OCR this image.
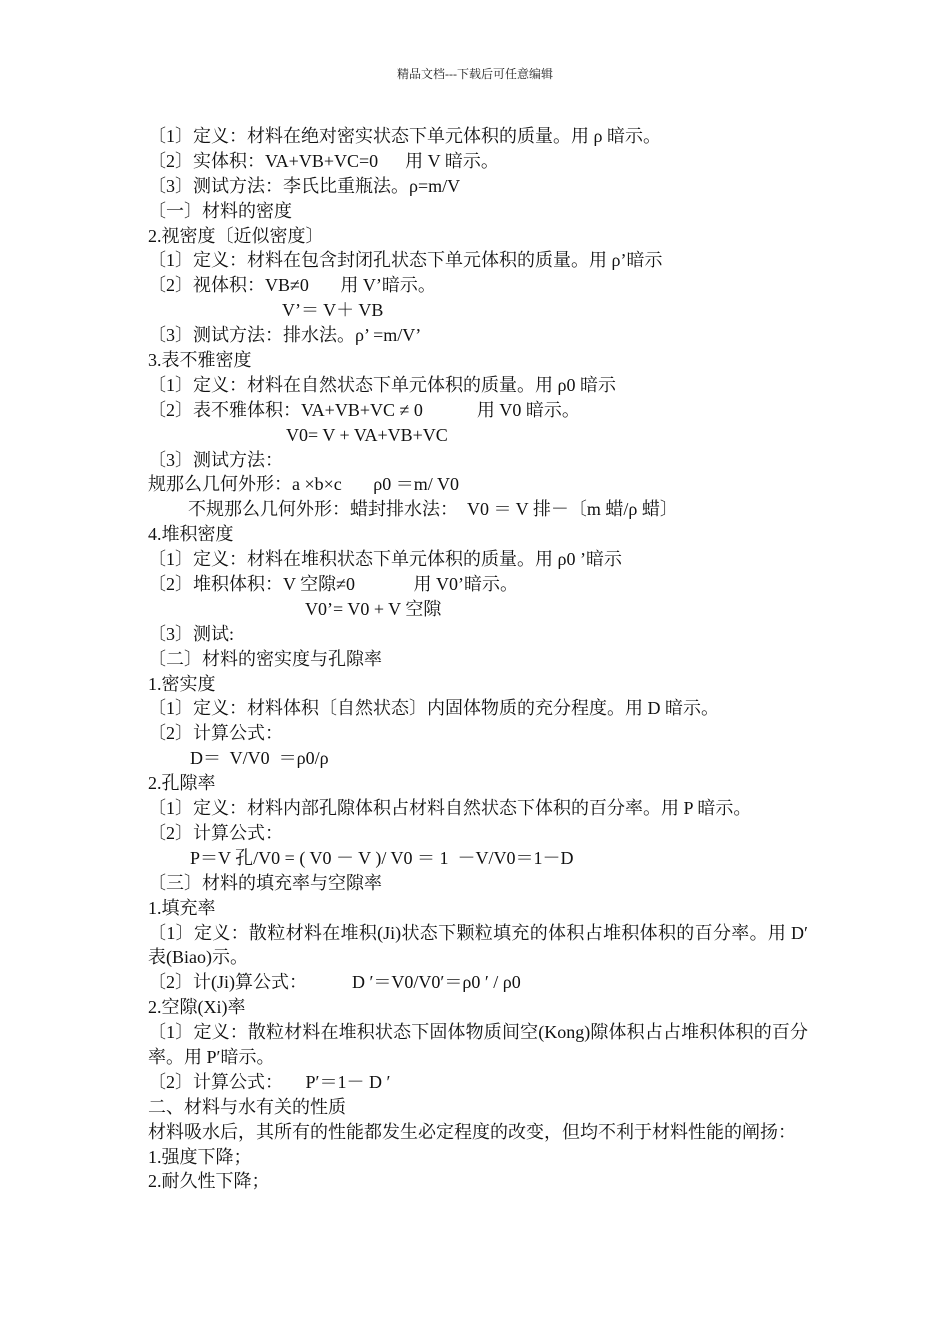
精品文档---下载后可任意编辑
〔1〕定义：材料在绝对密实状态下单元体积的质量。用 ρ 暗示。
〔2〕实体积：VA+VB+VC=0      用 V 暗示。
〔3〕测试方法：李氏比重瓶法。ρ=m/V
〔一〕材料的密度
2.视密度〔近似密度〕
〔1〕定义：材料在包含封闭孔状态下单元体积的质量。用 ρ’暗示
〔2〕视体积：VB≠0       用 V’暗示。
V’＝ V＋ VB
〔3〕测试方法：排水法。ρ’ =m/V’
3.表不雅密度
〔1〕定义：材料在自然状态下单元体积的质量。用 ρ0 暗示
〔2〕表不雅体积：VA+VB+VC ≠ 0            用 V0 暗示。
V0= V + VA+VB+VC
〔3〕测试方法：
规那么几何外形：a ×b×c       ρ0 ＝m/ V0
不规那么几何外形：蜡封排水法：  V0 ＝ V 排－〔m 蜡/ρ 蜡〕
4.堆积密度
〔1〕定义：材料在堆积状态下单元体积的质量。用 ρ0 ’暗示
〔2〕堆积体积：V 空隙≠0             用 V0’暗示。
V0’= V0 + V 空隙
〔3〕测试:
〔二〕材料的密实度与孔隙率
1.密实度
〔1〕定义：材料体积〔自然状态〕内固体物质的充分程度。用 D 暗示。
〔2〕计算公式：
D＝  V/V0  ＝ρ0/ρ
2.孔隙率
〔1〕定义：材料内部孔隙体积占材料自然状态下体积的百分率。用 P 暗示。
〔2〕计算公式：
P＝V 孔/V0 = ( V0 － V )/ V0 ＝ 1  －V/V0＝1－D
〔三〕材料的填充率与空隙率
1.填充率
〔1〕定义：散粒材料在堆积(Ji)状态下颗粒填充的体积占堆积体积的百分率。用 D′表(Biao)示。
〔2〕计(Ji)算公式：          D ′＝V0/V0′＝ρ0 ′ / ρ0
2.空隙(Xi)率
〔1〕定义：散粒材料在堆积状态下固体物质间空(Kong)隙体积占占堆积体积的百分率。用 P′暗示。
〔2〕计算公式：     P′＝1－ D ′
二、材料与水有关的性质
材料吸水后，其所有的性能都发生必定程度的改变，但均不利于材料性能的阐扬：
1.强度下降；
2.耐久性下降；
